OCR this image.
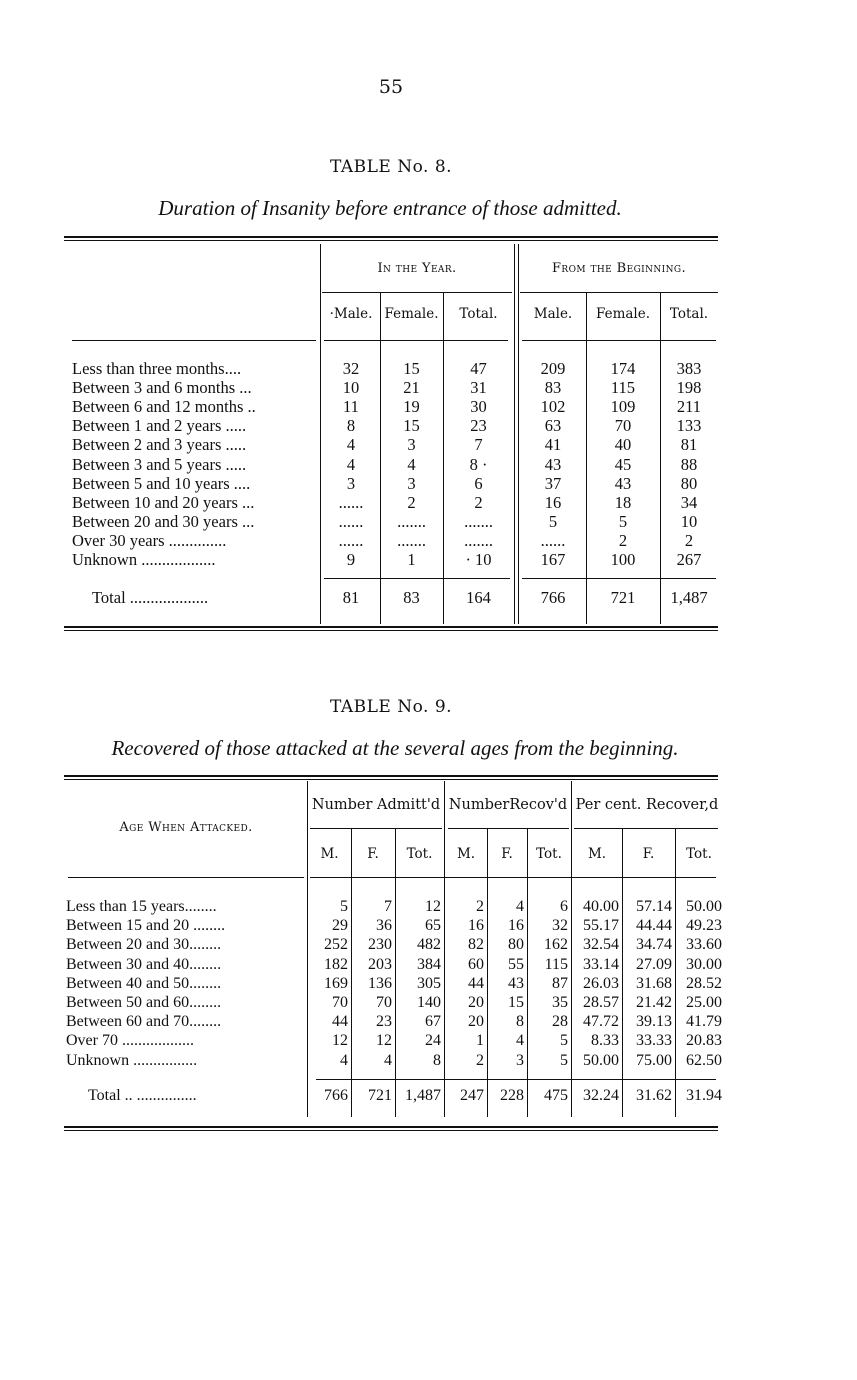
55
TABLE No. 8.
Duration of Insanity before entrance of those admitted.
In the Year.	From the Beginning.
·Male. Female.	Total.	Male.	Female.	Total.
Less than three months....	32	15	47	209	174	383
Between 3 and 6 months ...	10	21	31	83	115	198
Between 6 and 12 months ..	11	19	30	102	109	211
Between 1 and 2 years .....	8	15	23	63	70	133
Between 2 and 3 years .....	4	3	7	41	40	81
Between 3 and 5 years .....	4	4	8 ·	43	45	88
Between 5 and 10 years ....	3	3	6	37	43	80
Between 10 and 20 years ...	......	2	2	16	18	34
Between 20 and 30 years ...	......	.......	.......	5	5	10
Over 30 years ..............	......	.......	.......	......	2	2
Unknown ..................	9	1	· 10	167	100	267
Total ...................	81	83	164	766	721	1,487
TABLE No. 9.
Recovered of those attacked at the several ages from the beginning.
Age When Attacked.
Number Admitt'd NumberRecov'd Per cent. Recover,d
M.	F.	Tot.	M.	F.	Tot.	M.	F.	Tot.
Less than 15 years........	5	7	12	2	4	6 40.00	57.14 50.00
Between 15 and 20 ........	29	36	65	16	16	32 55.17	44.44 49.23
Between 20 and 30........	252	230	482	82	80	162 32.54	34.74 33.60
Between 30 and 40........	182	203	384	60	55	115 33.14	27.09 30.00
Between 40 and 50........	169	136	305	44	43	87 26.03	31.68 28.52
Between 50 and 60........	70	70	140	20	15	35 28.57	21.42 25.00
Between 60 and 70........	44	23	67	20	8	28 47.72	39.13 41.79
Over 70 ..................	12	12	24	1	4	5	8.33	33.33 20.83
Unknown ................	4	4	8	2	3	5 50.00	75.00 62.50
Total .. ...............	766	721 1,487	247	228	475 32.24	31.62 31.94
